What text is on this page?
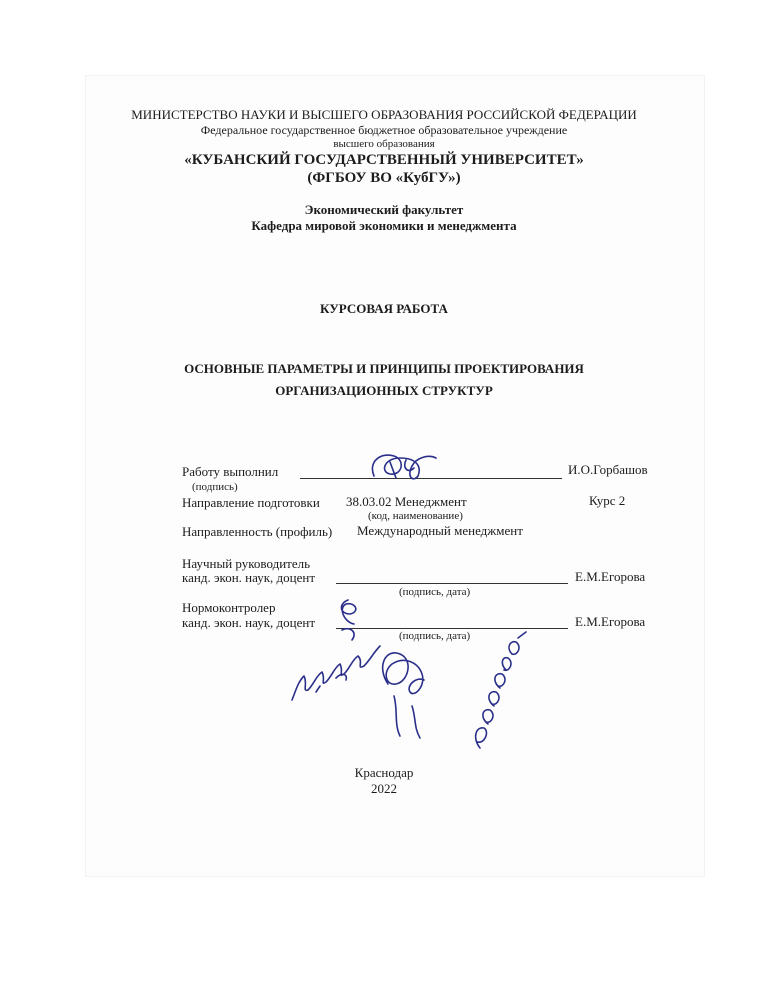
МИНИСТЕРСТВО НАУКИ И ВЫСШЕГО ОБРАЗОВАНИЯ РОССИЙСКОЙ ФЕДЕРАЦИИ
Федеральное государственное бюджетное образовательное учреждение
высшего образования
«КУБАНСКИЙ ГОСУДАРСТВЕННЫЙ УНИВЕРСИТЕТ»
(ФГБОУ ВО «КубГУ»)
Экономический факультет
Кафедра мировой экономики и менеджмента
КУРСОВАЯ РАБОТА
ОСНОВНЫЕ ПАРАМЕТРЫ И ПРИНЦИПЫ ПРОЕКТИРОВАНИЯ
ОРГАНИЗАЦИОННЫХ СТРУКТУР
Работу выполнил	И.О.Горбашов
(подпись)
Направление подготовки 38.03.02 Менеджмент	Курс 2
(код, наименование)
Направленность (профиль) Международный менеджмент
Научный руководитель
канд. экон. наук, доцент	Е.М.Егорова
(подпись, дата)
Нормоконтролер
канд. экон. наук, доцент	Е.М.Егорова
(подпись, дата)
Краснодар
2022
